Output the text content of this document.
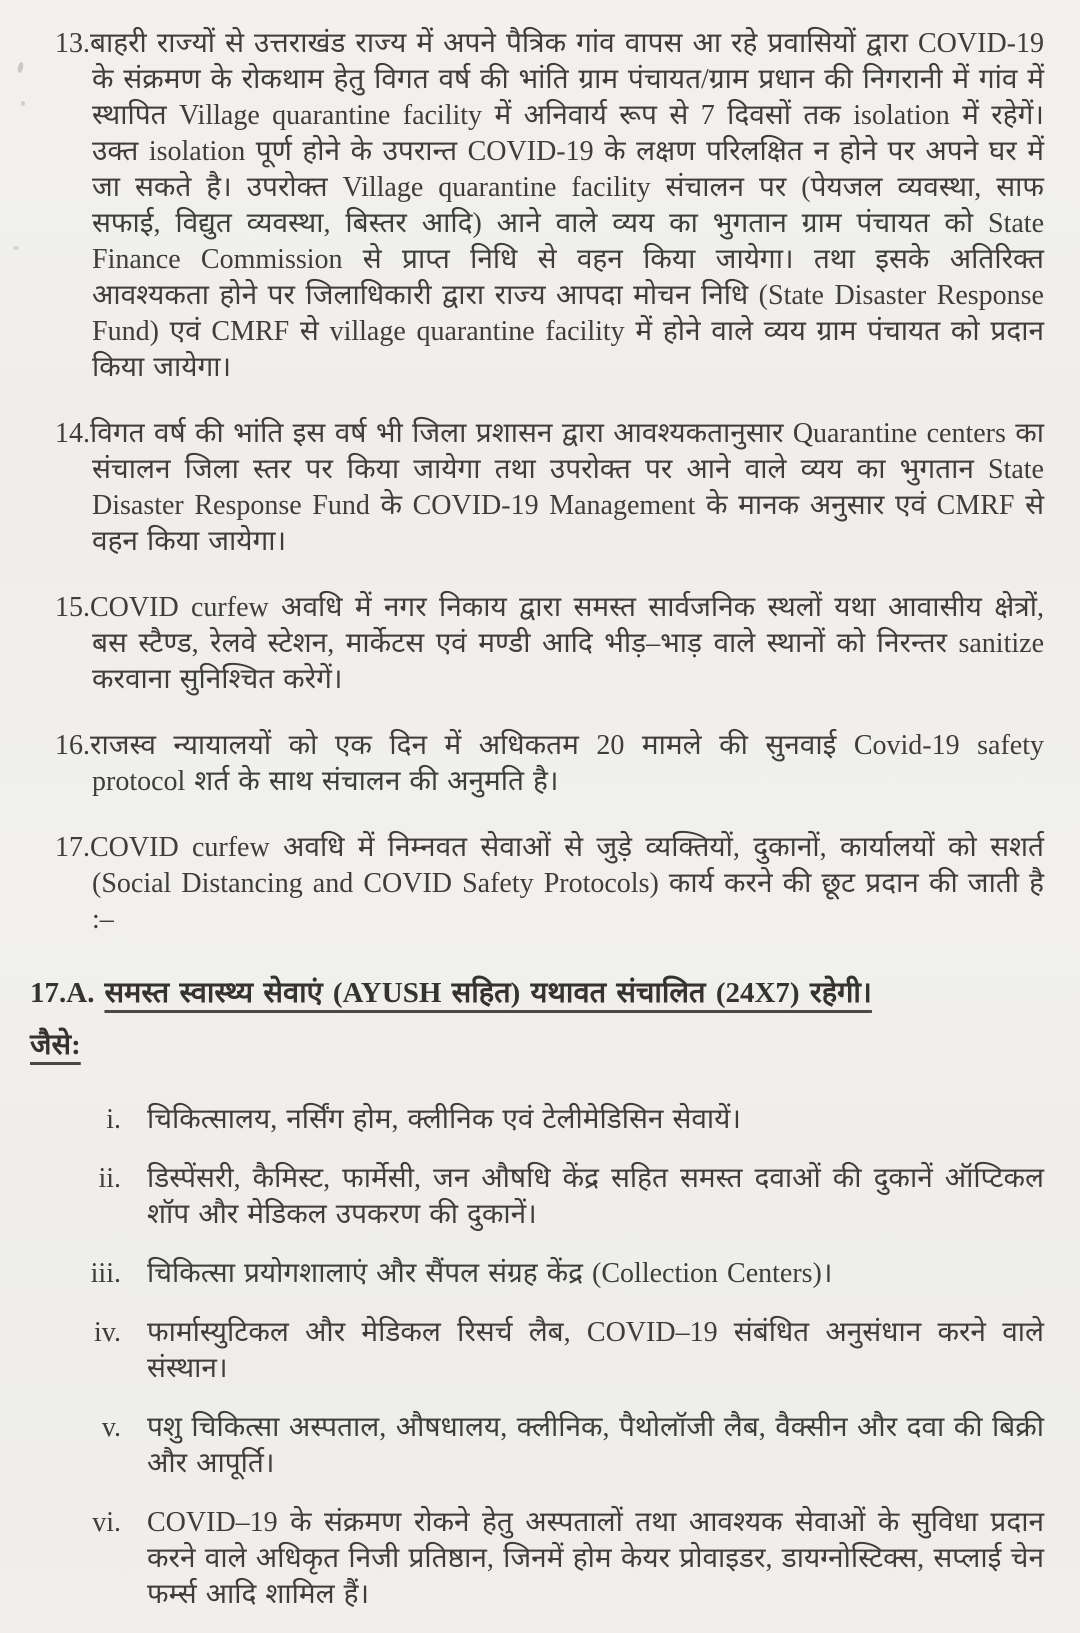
13.बाहरी राज्यों से उत्तराखंड राज्य में अपने पैत्रिक गांव वापस आ रहे प्रवासियों द्वारा COVID-19 के संक्रमण के रोकथाम हेतु विगत वर्ष की भांति ग्राम पंचायत/ग्राम प्रधान की निगरानी में गांव में स्थापित Village quarantine facility में अनिवार्य रूप से 7 दिवसों तक isolation में रहेगें। उक्त isolation पूर्ण होने के उपरान्त COVID-19 के लक्षण परिलक्षित न होने पर अपने घर में जा सकते है। उपरोक्त Village quarantine facility संचालन पर (पेयजल व्यवस्था, साफ सफाई, विद्युत व्यवस्था, बिस्तर आदि) आने वाले व्यय का भुगतान ग्राम पंचायत को State Finance Commission से प्राप्त निधि से वहन किया जायेगा। तथा इसके अतिरिक्त आवश्यकता होने पर जिलाधिकारी द्वारा राज्य आपदा मोचन निधि (State Disaster Response Fund) एवं CMRF से village quarantine facility में होने वाले व्यय ग्राम पंचायत को प्रदान किया जायेगा।
14.विगत वर्ष की भांति इस वर्ष भी जिला प्रशासन द्वारा आवश्यकतानुसार Quarantine centers का संचालन जिला स्तर पर किया जायेगा तथा उपरोक्त पर आने वाले व्यय का भुगतान State Disaster Response Fund के COVID-19 Management के मानक अनुसार एवं CMRF से वहन किया जायेगा।
15.COVID curfew अवधि में नगर निकाय द्वारा समस्त सार्वजनिक स्थलों यथा आवासीय क्षेत्रों, बस स्टैण्ड, रेलवे स्टेशन, मार्केटस एवं मण्डी आदि भीड़–भाड़ वाले स्थानों को निरन्तर sanitize करवाना सुनिश्चित करेगें।
16.राजस्व न्यायालयों को एक दिन में अधिकतम 20 मामले की सुनवाई Covid-19 safety protocol शर्त के साथ संचालन की अनुमति है।
17.COVID curfew अवधि में निम्नवत सेवाओं से जुड़े व्यक्तियों, दुकानों, कार्यालयों को सशर्त (Social Distancing and COVID Safety Protocols) कार्य करने की छूट प्रदान की जाती है :–
17.A. समस्त स्वास्थ्य सेवाएं (AYUSH सहित) यथावत संचालित (24X7) रहेगी।
जैसे:
i. चिकित्सालय, नर्सिंग होम, क्लीनिक एवं टेलीमेडिसिन सेवायें।
ii. डिस्पेंसरी, कैमिस्ट, फार्मेसी, जन औषधि केंद्र सहित समस्त दवाओं की दुकानें ऑप्टिकल शॉप और मेडिकल उपकरण की दुकानें।
iii. चिकित्सा प्रयोगशालाएं और सैंपल संग्रह केंद्र (Collection Centers)।
iv. फार्मास्युटिकल और मेडिकल रिसर्च लैब, COVID–19 संबंधित अनुसंधान करने वाले संस्थान।
v. पशु चिकित्सा अस्पताल, औषधालय, क्लीनिक, पैथोलॉजी लैब, वैक्सीन और दवा की बिक्री और आपूर्ति।
vi. COVID–19 के संक्रमण रोकने हेतु अस्पतालों तथा आवश्यक सेवाओं के सुविधा प्रदान करने वाले अधिकृत निजी प्रतिष्ठान, जिनमें होम केयर प्रोवाइडर, डायग्नोस्टिक्स, सप्लाई चेन फर्म्स आदि शामिल हैं।
